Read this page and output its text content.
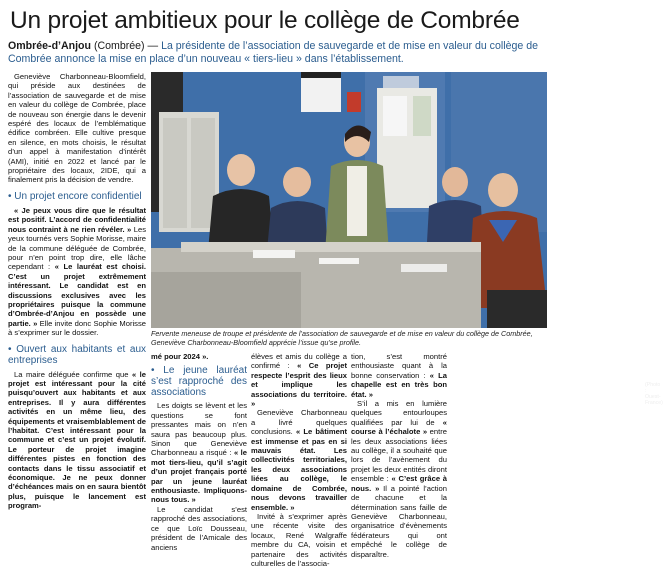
Un projet ambitieux pour le collège de Combrée
Ombrée-d’Anjou (Combrée) — La présidente de l’association de sauvegarde et de mise en valeur du collège de Combrée annonce la mise en place d’un nouveau « tiers-lieu » dans l’établissement.

Geneviève Charbonneau-Bloomfield, qui préside aux destinées de l’association de sauvegarde et de mise en valeur du collège de Combrée, place de nouveau son énergie dans le devenir espéré des locaux de l’emblématique édifice combréen. Elle cultive presque en silence, en mots choisis, le résultat d’un appel à manifestation d’intérêt (AMI), initié en 2022 et lancé par le propriétaire des locaux, 2IDE, qui a finalement pris la décision de vendre.

• Un projet encore confidentiel

« Je peux vous dire que le résultat est positif. L’accord de confidentialité nous contraint à ne rien révéler. » Les yeux tournés vers Sophie Morisse, maire de la commune déléguée de Combrée, pour n’en point trop dire, elle lâche cependant : « Le lauréat est choisi. C’est un projet extrêmement intéressant. Le candidat est en discussions exclusives avec les propriétaires puisque la commune d’Ombrée-d’Anjou en possède une partie. » Elle invite donc Sophie Morisse à s’exprimer sur le dossier.

• Ouvert aux habitants et aux entreprises

La maire déléguée confirme que « le projet est intéressant pour la cité puisqu’ouvert aux habitants et aux entreprises. Il y aura différentes activités en un même lieu, des équipements et vraisemblablement de l’habitat. C’est intéressant pour la commune et c’est un projet évolutif. Le porteur de projet imagine différentes pistes en fonction des contacts dans le tissu associatif et économique. Je ne peux donner d’échéances mais on en saura bientôt plus, puisque le lancement est program-

(Photo : Ouest-France)
Fervente meneuse de troupe et présidente de l’association de sauvegarde et de mise en valeur du collège de Combrée, Geneviève Charbonneau-Bloomfield apprécie l’issue qu’se profile.

mé pour 2024 ».

• Le jeune lauréat s’est rapproché des associations

Les doigts se lèvent et les questions se font pressantes mais on n’en saura pas beaucoup plus. Sinon que Geneviève Charbonneau a risqué : « le mot tiers-lieu, qu’il s’agit d’un projet français porté par un jeune lauréat enthousiaste. Impliquons-nous tous. »

Le candidat s’est rapproché des associations, ce que Loïc Dousseau, président de l’Amicale des anciens

élèves et amis du collège a confirmé : « Ce projet respecte l’esprit des lieux et implique les associations du territoire. »

Geneviève Charbonneau a livré quelques conclusions. « Le bâtiment est immense et pas en si mauvais état. Les collectivités territoriales, les deux associations liées au collège, le domaine de Combrée, nous devons travailler ensemble. »

Invité à s’exprimer après une récente visite des locaux, René Walgraffe membre du CA, voisin et partenaire des activités culturelles de l’associa-

tion, s’est montré enthousiaste quant à la bonne conservation : « La chapelle est en très bon état. »

S’il a mis en lumière quelques entourloupes qualifiées par lui de « course à l’échalote » entre les deux associations liées au collège, il a souhaité que lors de l’avènement du projet les deux entités diront ensemble : « C’est grâce à nous. » Il a pointé l’action de chacune et la détermination sans faille de Geneviève Charbonneau, organisatrice d’évènements fédérateurs qui ont empêché le collège de disparaître.
